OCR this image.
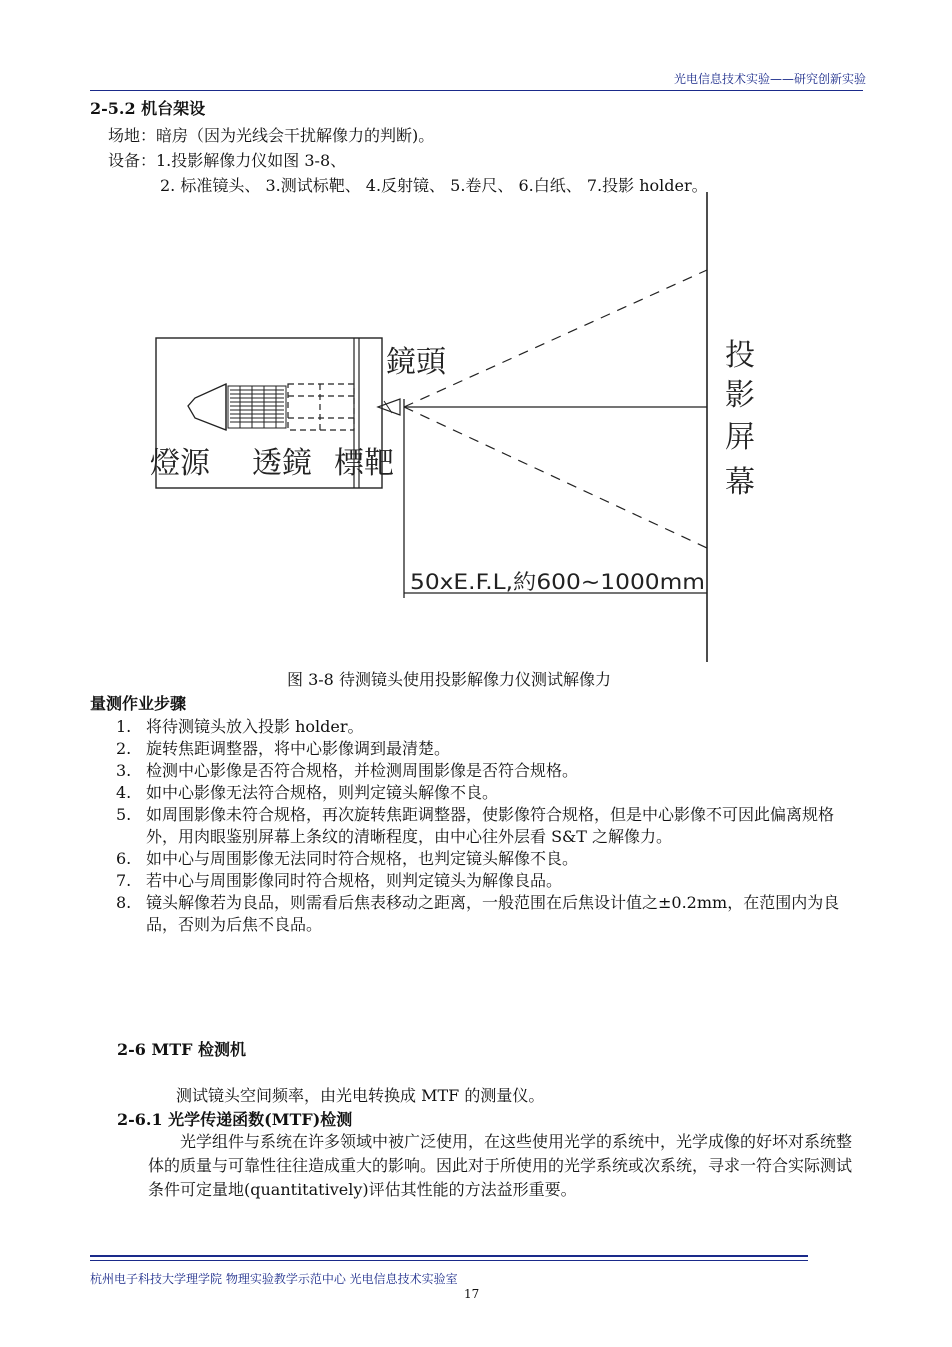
光电信息技术实验——研究创新实验
2-5.2 机台架设
场地：暗房（因为光线会干扰解像力的判断)。
设备：1.投影解像力仪如图 3-8、
2. 标准镜头、 3.测试标靶、 4.反射镜、 5.卷尺、 6.白纸、 7.投影 holder。
鏡頭
燈源 透鏡 標靶
投
影
屏
幕
50xE.F.L,約600~1000mm
图 3-8 待测镜头使用投影解像力仪测试解像力
量测作业步骤
1. 将待测镜头放入投影 holder。
2. 旋转焦距调整器，将中心影像调到最清楚。
3. 检测中心影像是否符合规格，并检测周围影像是否符合规格。
4. 如中心影像无法符合规格，则判定镜头解像不良。
5. 如周围影像未符合规格，再次旋转焦距调整器，使影像符合规格，但是中心影像不可因此偏离规格外，用肉眼鉴别屏幕上条纹的清晰程度，由中心往外层看 S&T 之解像力。
6. 如中心与周围影像无法同时符合规格，也判定镜头解像不良。
7. 若中心与周围影像同时符合规格，则判定镜头为解像良品。
8. 镜头解像若为良品，则需看后焦表移动之距离，一般范围在后焦设计值之±0.2mm，在范围内为良品，否则为后焦不良品。
2-6 MTF 检测机
测试镜头空间频率，由光电转换成 MTF 的测量仪。
2-6.1 光学传递函数(MTF)检测
光学组件与系统在许多领域中被广泛使用，在这些使用光学的系统中，光学成像的好坏对系统整体的质量与可靠性往往造成重大的影响。因此对于所使用的光学系统或次系统，寻求一符合实际测试条件可定量地(quantitatively)评估其性能的方法益形重要。
杭州电子科技大学理学院 物理实验教学示范中心 光电信息技术实验室
17
